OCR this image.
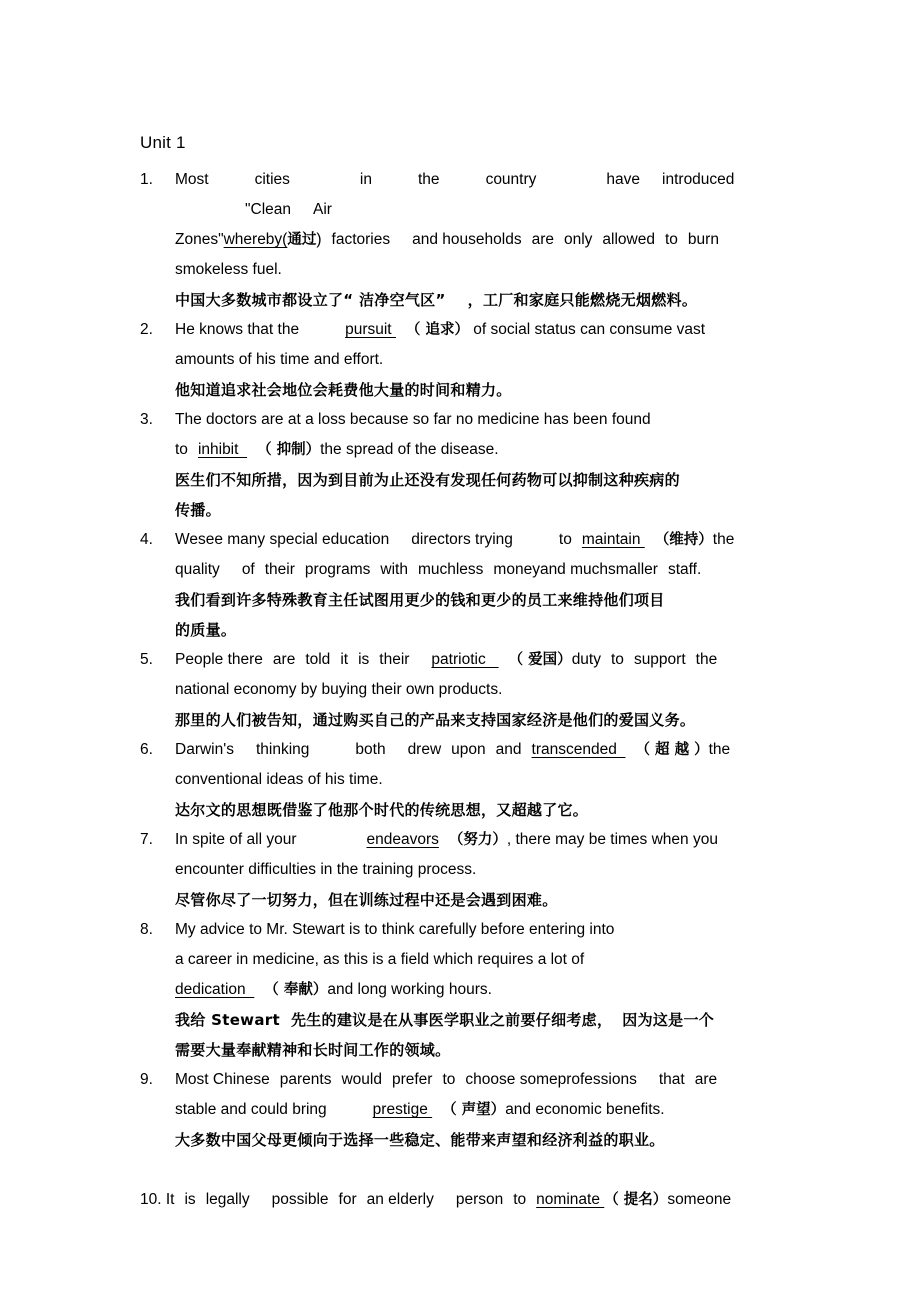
Unit 1
1. Most	cities	in	the	country	have introduced"Clean Air
Zones"whereby(通过) factories and households are only allowed to burn
smokeless fuel.
中国大多数城市都设立了“ 洁净空气区” ，工厂和家庭只能燃烧无烟燃料。
2. He knows that the	pursuit （ 追求） of social status can consume vast
amounts of his time and effort.
他知道追求社会地位会耗费他大量的时间和精力。
3. The doctors are at a loss because so far no medicine has been found
to inhibit  （ 抑制）the spread of the disease.
医生们不知所措，因为到目前为止还没有发现任何药物可以抑制这种疾病的
传播。
4. Wesee many special education directors trying	to maintain （维持）the
quality of their programs with muchless moneyand muchsmaller staff.
我们看到许多特殊教育主任试图用更少的钱和更少的员工来维持他们项目
的质量。
5. People there are told it is their patriotic   （ 爱国）duty to support the
national economy by buying their own products.
那里的人们被告知，通过购买自己的产品来支持国家经济是他们的爱国义务。
6. Darwin's thinking	both drew upon and transcended  （ 超 越 ）the
conventional ideas of his time.
达尔文的思想既借鉴了他那个时代的传统思想，又超越了它。
7. In spite of all your	endeavors （努力）, there may be times when you
encounter difficulties in the training process.
尽管你尽了一切努力，但在训练过程中还是会遇到困难。
8. My advice to Mr. Stewart is to think carefully before entering into
a career in medicine, as this is a field which requires a lot of
dedication  （ 奉献）and long working hours.
我给 Stewart  先生的建议是在从事医学职业之前要仔细考虑， 因为这是一个
需要大量奉献精神和长时间工作的领域。
9. Most Chinese parents would prefer to choose someprofessions that are
stable and could bring	prestige （ 声望）and economic benefits.
大多数中国父母更倾向于选择一些稳定、能带来声望和经济利益的职业。
10. It is legally possible for an elderly person to nominate （ 提名）someone
